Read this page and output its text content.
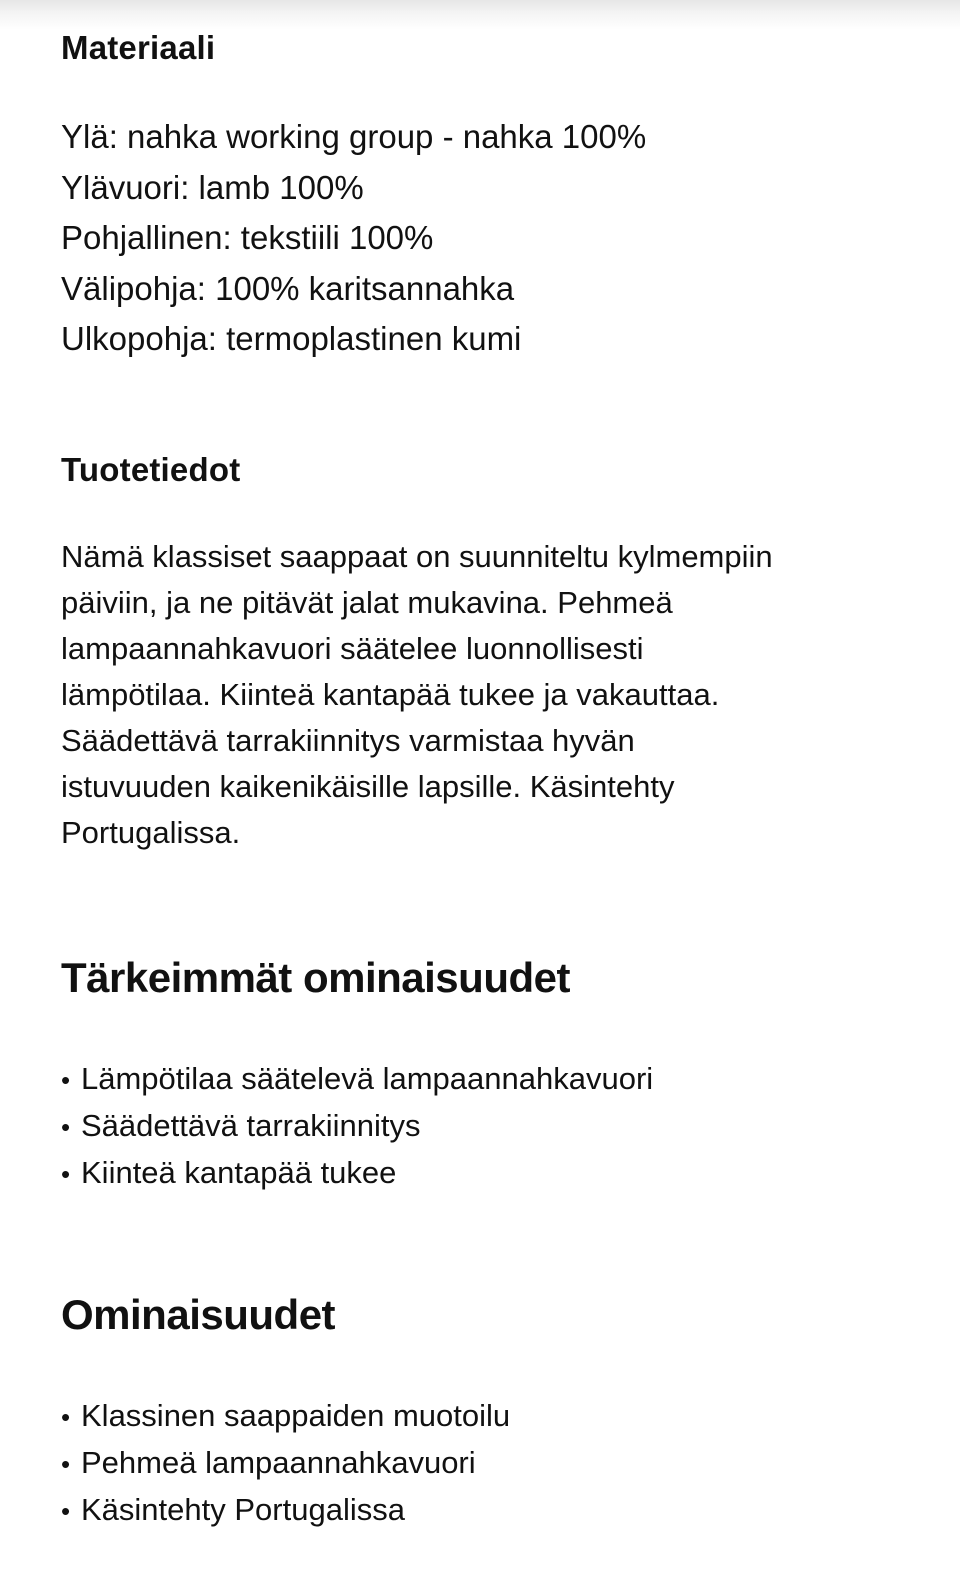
Materiaali
Ylä: nahka working group - nahka 100%
Ylävuori: lamb 100%
Pohjallinen: tekstiili 100%
Välipohja: 100% karitsannahka
Ulkopohja: termoplastinen kumi
Tuotetiedot
Nämä klassiset saappaat on suunniteltu kylmempiin
päiviin, ja ne pitävät jalat mukavina. Pehmeä
lampaannahkavuori säätelee luonnollisesti
lämpötilaa. Kiinteä kantapää tukee ja vakauttaa.
Säädettävä tarrakiinnitys varmistaa hyvän
istuvuuden kaikenikäisille lapsille. Käsintehty
Portugalissa.
Tärkeimmät ominaisuudet
• Lämpötilaa säätelevä lampaannahkavuori
• Säädettävä tarrakiinnitys
• Kiinteä kantapää tukee
Ominaisuudet
• Klassinen saappaiden muotoilu
• Pehmeä lampaannahkavuori
• Käsintehty Portugalissa
